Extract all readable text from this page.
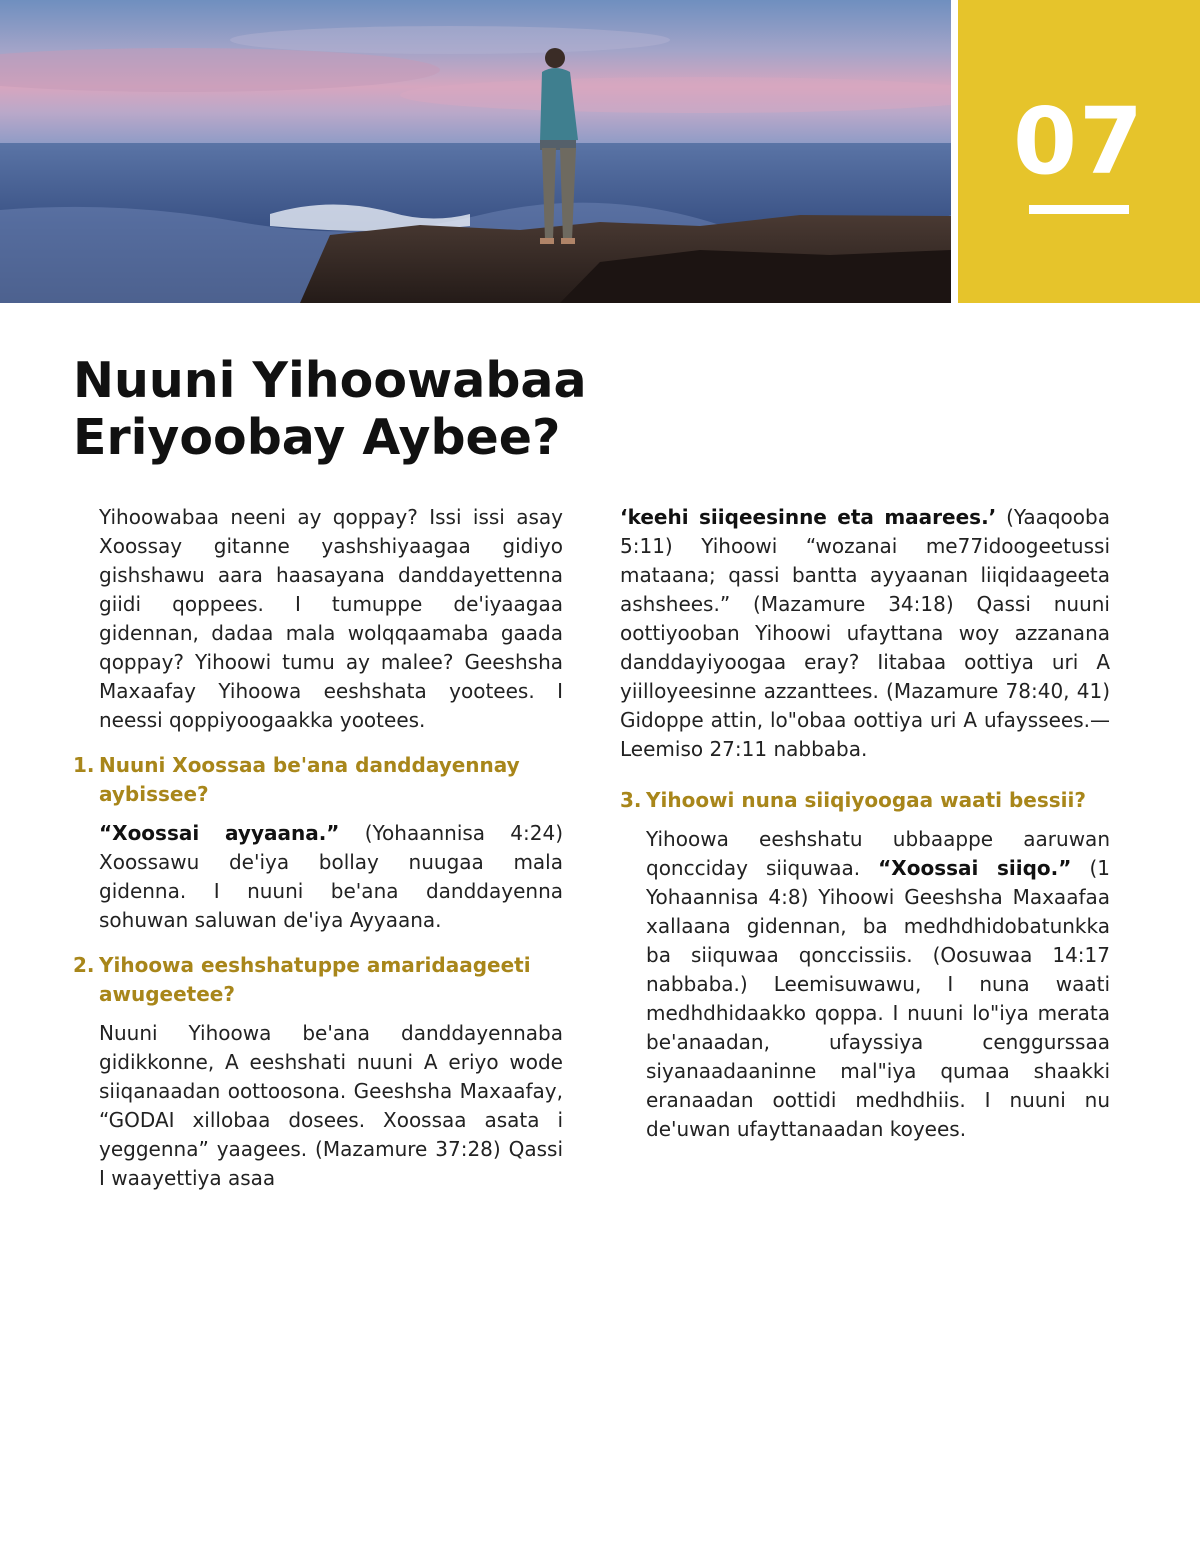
07
Nuuni Yihoowabaa
Eriyoobay Aybee?

Yihoowabaa neeni ay qoppay? Issi issi asay Xoossay gitanne yashshiyaagaa gidiyo gishshawu aara haasayana danddayettenna giidi qoppees. I tumuppe de'iyaagaa gidennan, dadaa mala wolqqaamaba gaada qoppay? Yihoowi tumu ay malee? Geeshsha Maxaafay Yihoowa eeshshata yootees. I neessi qoppiyoogaakka yootees.

1. Nuuni Xoossaa be'ana danddayennay aybissee?

“Xoossai ayyaana.” (Yohaannisa 4:24) Xoossawu de'iya bollay nuugaa mala gidenna. I nuuni be'ana danddayenna sohuwan saluwan de'iya Ayyaana.

2. Yihoowa eeshshatuppe amaridaageeti awugeetee?

Nuuni Yihoowa be'ana danddayennaba gidikkonne, A eeshshati nuuni A eriyo wode siiqanaadan oottoosona. Geeshsha Maxaafay, “GODAI xillobaa dosees. Xoossaa asata i yeggenna” yaagees. (Mazamure 37:28) Qassi I waayettiya asaa

‘keehi siiqeesinne eta maarees.’ (Yaaqooba 5:11) Yihoowi “wozanai me77idoogeetussi mataana; qassi bantta ayyaanan liiqidaageeta ashshees.” (Mazamure 34:18) Qassi nuuni oottiyooban Yihoowi ufayttana woy azzanana danddayiyoogaa eray? Iitabaa oottiya uri A yiilloyeesinne azzanttees. (Mazamure 78:40, 41) Gidoppe attin, lo"obaa oottiya uri A ufayssees.—Leemiso 27:11 nabbaba.

3. Yihoowi nuna siiqiyoogaa waati bessii?

Yihoowa eeshshatu ubbaappe aaruwan qoncciday siiquwaa. “Xoossai siiqo.” (1 Yohaannisa 4:8) Yihoowi Geeshsha Maxaafaa xallaana gidennan, ba medhdhidobatunkka ba siiquwaa qonccissiis. (Oosuwaa 14:17 nabbaba.) Leemisuwawu, I nuna waati medhdhidaakko qoppa. I nuuni lo"iya merata be'anaadan, ufayssiya cenggurssaa siyanaadaaninne mal"iya qumaa shaakki eranaadan oottidi medhdhiis. I nuuni nu de'uwan ufayttanaadan koyees.
